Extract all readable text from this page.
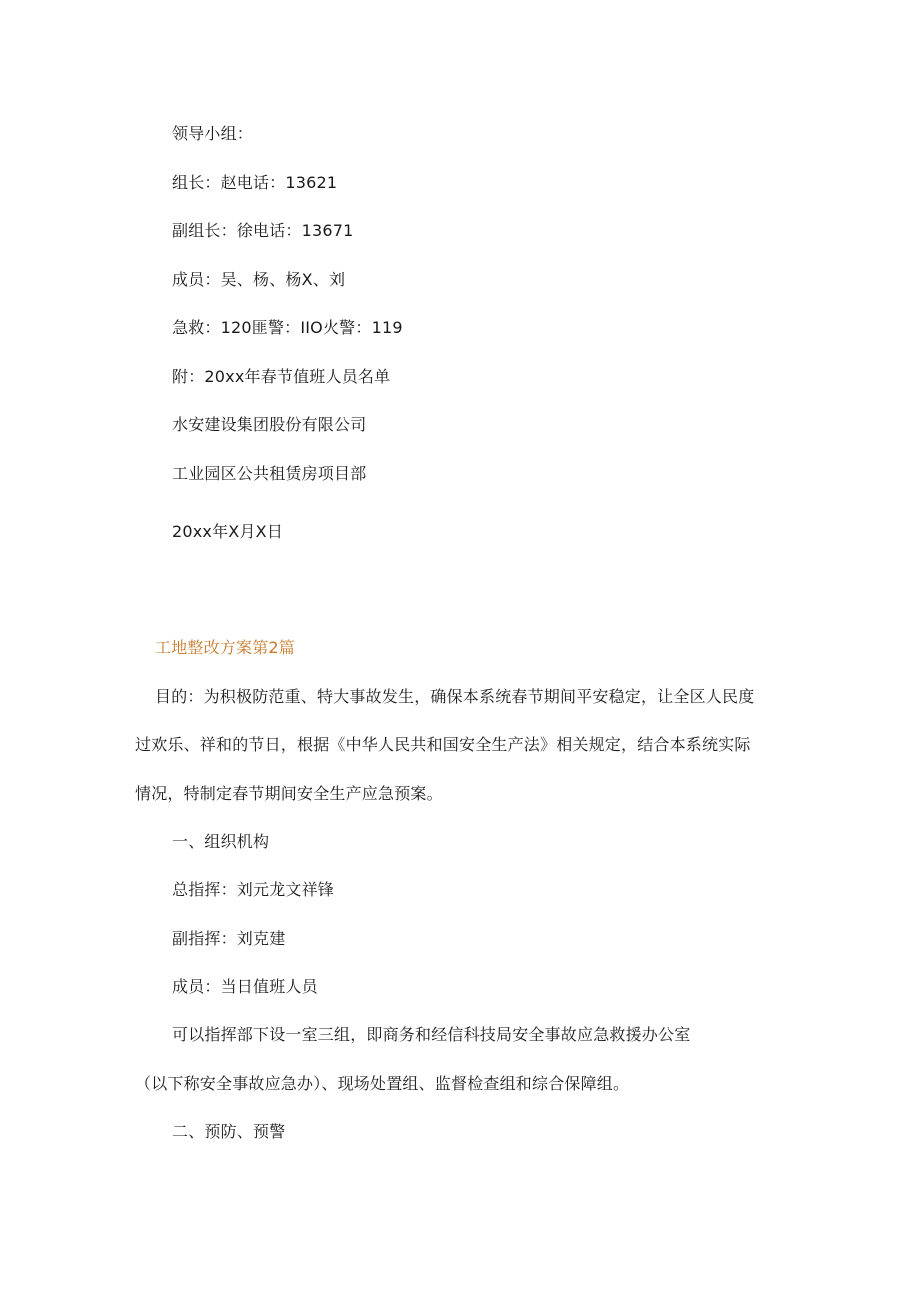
领导小组：
组长：赵电话：13621
副组长：徐电话：13671
成员：吴、杨、杨X、刘
急救：120匪警：IIO火警：119
附：20xx年春节值班人员名单
水安建设集团股份有限公司
工业园区公共租赁房项目部
20xx年X月X日
工地整改方案第2篇
目的：为积极防范重、特大事故发生，确保本系统春节期间平安稳定，让全区人民度
过欢乐、祥和的节日，根据《中华人民共和国安全生产法》相关规定，结合本系统实际
情况，特制定春节期间安全生产应急预案。
一、组织机构
总指挥：刘元龙文祥锋
副指挥：刘克建
成员：当日值班人员
可以指挥部下设一室三组，即商务和经信科技局安全事故应急救援办公室
（以下称安全事故应急办）、现场处置组、监督检查组和综合保障组。
二、预防、预警
